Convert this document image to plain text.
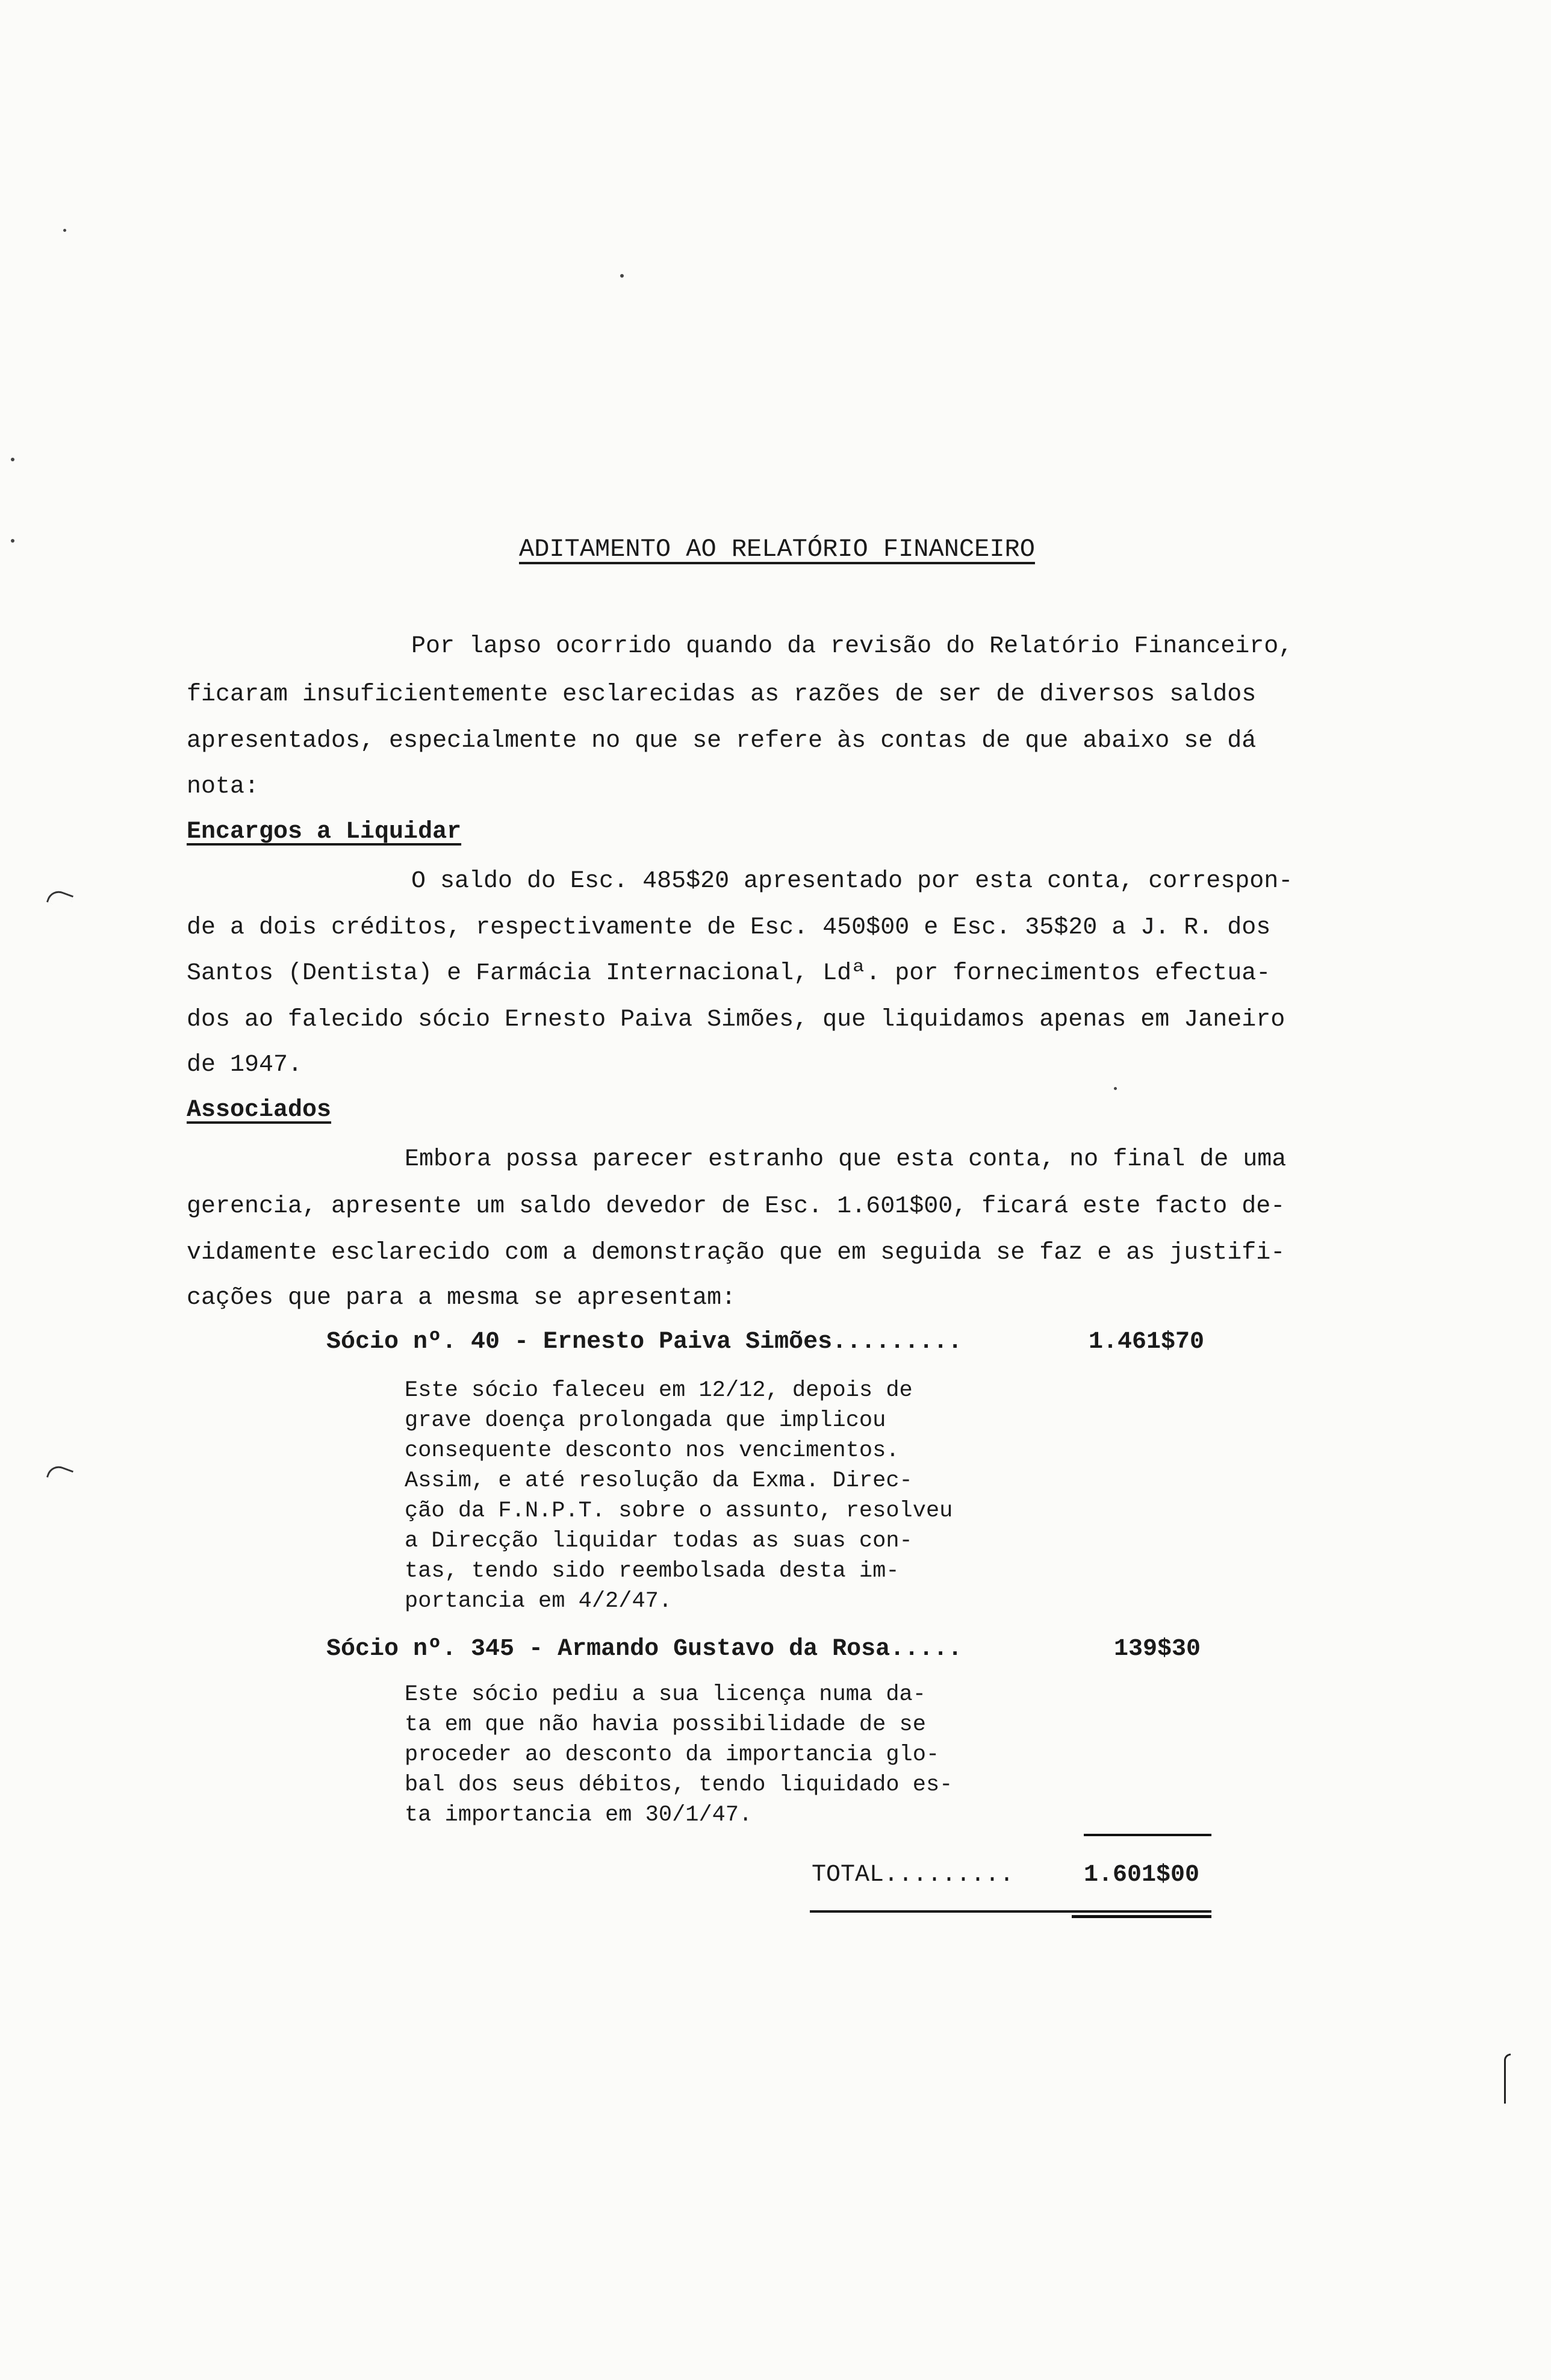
ADITAMENTO AO RELATÓRIO FINANCEIRO
Por lapso ocorrido quando da revisão do Relatório Financeiro,
ficaram insuficientemente esclarecidas as razões de ser de diversos saldos
apresentados, especialmente no que se refere às contas de que abaixo se dá
nota:
Encargos a Liquidar
O saldo do Esc. 485$20 apresentado por esta conta, correspon-
de a dois créditos, respectivamente de Esc. 450$00 e Esc. 35$20 a J. R. dos
Santos (Dentista) e Farmácia Internacional, Ldª. por fornecimentos efectua-
dos ao falecido sócio Ernesto Paiva Simões, que liquidamos apenas em Janeiro
de 1947.
Associados
Embora possa parecer estranho que esta conta, no final de uma
gerencia, apresente um saldo devedor de Esc. 1.601$00, ficará este facto de-
vidamente esclarecido com a demonstração que em seguida se faz e as justifi-
cações que para a mesma se apresentam:
Sócio nº. 40 - Ernesto Paiva Simões.........	1.461$70
Este sócio faleceu em 12/12, depois de
grave doença prolongada que implicou
consequente desconto nos vencimentos.
Assim, e até resolução da Exma. Direc-
ção da F.N.P.T. sobre o assunto, resolveu
a Direcção liquidar todas as suas con-
tas, tendo sido reembolsada desta im-
portancia em 4/2/47.
Sócio nº. 345 - Armando Gustavo da Rosa.....	139$30
Este sócio pediu a sua licença numa da-
ta em que não havia possibilidade de se
proceder ao desconto da importancia glo-
bal dos seus débitos, tendo liquidado es-
ta importancia em 30/1/47.
TOTAL.........	1.601$00
